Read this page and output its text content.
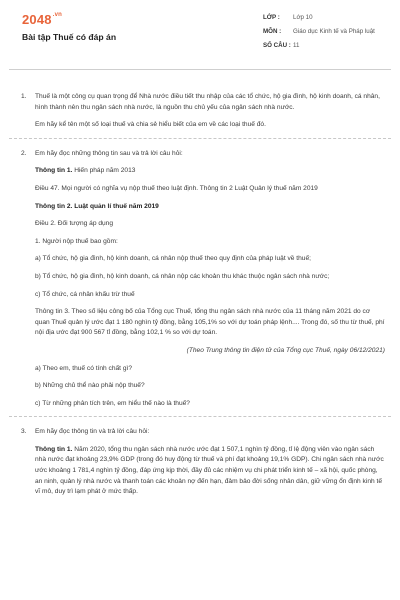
$2048^{.vn}$
Bài tập Thuế có đáp án
LỚP :	Lớp 10
MÔN :	Giáo dục Kinh tế và Pháp luật
SỐ CÂU : 11
1. Thuế là một công cụ quan trọng để Nhà nước điều tiết thu nhập của các tổ chức, hộ gia đình, hộ kinh doanh, cá nhân, hình thành nên thu ngân sách nhà nước, là nguồn thu chủ yếu của ngân sách nhà nước.

Em hãy kể tên một số loại thuế và chia sẻ hiểu biết của em về các loại thuế đó.

2. Em hãy đọc những thông tin sau và trả lời câu hỏi:

Thông tin 1. Hiến pháp năm 2013

Điều 47. Mọi người có nghĩa vụ nộp thuế theo luật định. Thông tin 2 Luật Quản lý thuế năm 2019

Thông tin 2. Luật quản lí thuế năm 2019

Điều 2. Đối tượng áp dụng

1. Người nộp thuế bao gồm:

a) Tổ chức, hộ gia đình, hộ kinh doanh, cá nhân nộp thuế theo quy định của pháp luật về thuế;

b) Tổ chức, hộ gia đình, hộ kinh doanh, cá nhân nộp các khoản thu khác thuộc ngân sách nhà nước;

c) Tổ chức, cá nhân khấu trừ thuế

Thông tin 3. Theo số liệu công bố của Tổng cục Thuế, tổng thu ngân sách nhà nước của 11 tháng năm 2021 do cơ quan Thuế quản lý ước đạt 1 180 nghìn tỷ đồng, bằng 105,1% so với dự toán pháp lệnh.... Trong đó, số thu từ thuế, phí nội địa ước đạt 900 567 tỉ đồng, bằng 102,1 % so với dự toán.

(Theo Trung thông tin điện tử của Tổng cục Thuế, ngày 06/12/2021)

a) Theo em, thuế có tính chất gì?

b) Những chủ thể nào phải nộp thuế?

c) Từ những phân tích trên, em hiểu thế nào là thuế?

3. Em hãy đọc thông tin và trả lời câu hỏi:

Thông tin 1. Năm 2020, tổng thu ngân sách nhà nước ước đạt 1 507,1 nghìn tỷ đồng, tỉ lệ động viên vào ngân sách nhà nước đạt khoảng 23,9% GDP (trong đó huy động từ thuế và phí đạt khoảng 19,1% GDP). Chi ngân sách nhà nước ước khoảng 1 781,4 nghìn tỷ đồng, đáp ứng kịp thời, đầy đủ các nhiệm vụ chi phát triển kinh tế – xã hội, quốc phòng, an ninh, quản lý nhà nước và thanh toán các khoản nợ đến hạn, đảm bảo đời sống nhân dân, giữ vững ổn định kinh tế vĩ mô, duy trì lạm phát ở mức thấp.
